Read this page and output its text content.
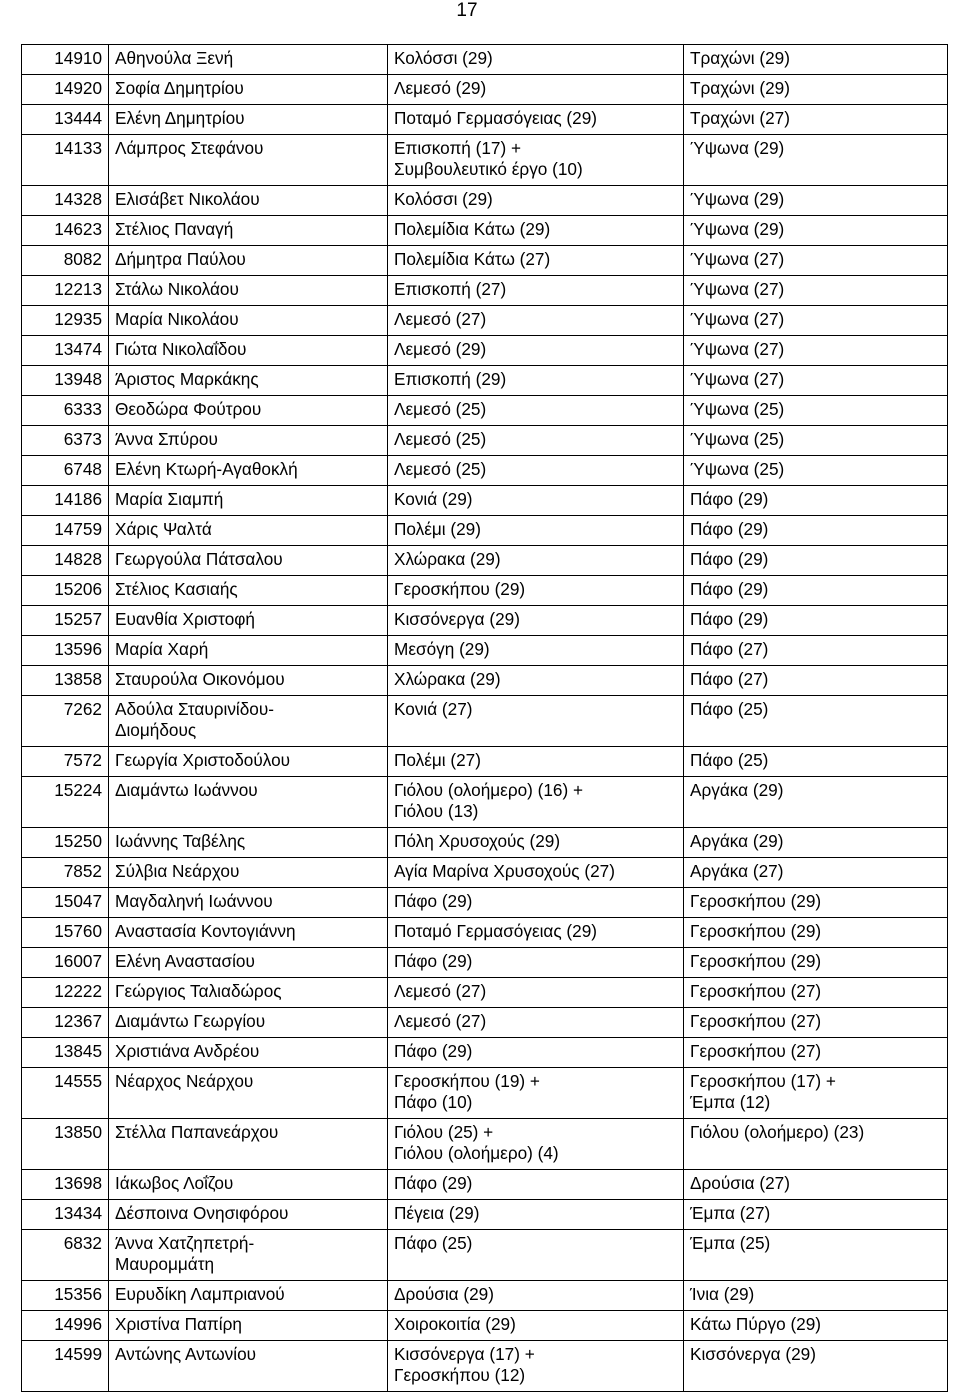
17
14910	Αθηνούλα Ξενή	Κολόσσι (29)	Τραχώνι (29)
14920	Σοφία Δημητρίου	Λεμεσό (29)	Τραχώνι (29)
13444	Ελένη Δημητρίου	Ποταμό Γερμασόγειας (29)	Τραχώνι (27)
14133	Λάμπρος Στεφάνου	Επισκοπή (17) +
Συμβουλευτικό έργο (10)	Ύψωνα (29)
14328	Ελισάβετ Νικολάου	Κολόσσι (29)	Ύψωνα (29)
14623	Στέλιος Παναγή	Πολεμίδια Κάτω (29)	Ύψωνα (29)
8082	Δήμητρα Παύλου	Πολεμίδια Κάτω (27)	Ύψωνα (27)
12213	Στάλω Νικολάου	Επισκοπή (27)	Ύψωνα (27)
12935	Μαρία Νικολάου	Λεμεσό (27)	Ύψωνα (27)
13474	Γιώτα Νικολαΐδου	Λεμεσό (29)	Ύψωνα (27)
13948	Άριστος Μαρκάκης	Επισκοπή (29)	Ύψωνα (27)
6333	Θεοδώρα Φούτρου	Λεμεσό (25)	Ύψωνα (25)
6373	Άννα Σπύρου	Λεμεσό (25)	Ύψωνα (25)
6748	Ελένη Κτωρή-Αγαθοκλή	Λεμεσό (25)	Ύψωνα (25)
14186	Μαρία Σιαμπή	Κονιά (29)	Πάφο (29)
14759	Χάρις Ψαλτά	Πολέμι (29)	Πάφο (29)
14828	Γεωργούλα Πάτσαλου	Χλώρακα (29)	Πάφο (29)
15206	Στέλιος Κασιαής	Γεροσκήπου (29)	Πάφο (29)
15257	Ευανθία Χριστοφή	Κισσόνεργα (29)	Πάφο (29)
13596	Μαρία Χαρή	Μεσόγη (29)	Πάφο (27)
13858	Σταυρούλα Οικονόμου	Χλώρακα (29)	Πάφο (27)
7262	Αδούλα Σταυρινίδου-
Διομήδους	Κονιά (27)	Πάφο (25)
7572	Γεωργία Χριστοδούλου	Πολέμι (27)	Πάφο (25)
15224	Διαμάντω Ιωάννου	Γιόλου (ολοήμερο) (16) +
Γιόλου (13)	Αργάκα (29)
15250	Ιωάννης Ταβέλης	Πόλη Χρυσοχούς (29)	Αργάκα (29)
7852	Σύλβια Νεάρχου	Αγία Μαρίνα Χρυσοχούς (27)	Αργάκα (27)
15047	Μαγδαληνή Ιωάννου	Πάφο (29)	Γεροσκήπου (29)
15760	Αναστασία Κοντογιάννη	Ποταμό Γερμασόγειας (29)	Γεροσκήπου (29)
16007	Ελένη Αναστασίου	Πάφο (29)	Γεροσκήπου (29)
12222	Γεώργιος Ταλιαδώρος	Λεμεσό (27)	Γεροσκήπου (27)
12367	Διαμάντω Γεωργίου	Λεμεσό (27)	Γεροσκήπου (27)
13845	Χριστιάνα Ανδρέου	Πάφο (29)	Γεροσκήπου (27)
14555	Νέαρχος Νεάρχου	Γεροσκήπου (19) +
Πάφο (10)	Γεροσκήπου (17) +
Έμπα (12)
13850	Στέλλα Παπανεάρχου	Γιόλου (25) +
Γιόλου (ολοήμερο) (4)	Γιόλου (ολοήμερο) (23)
13698	Ιάκωβος Λοΐζου	Πάφο (29)	Δρούσια (27)
13434	Δέσποινα Ονησιφόρου	Πέγεια (29)	Έμπα (27)
6832	Άννα Χατζηπετρή-
Μαυρομμάτη	Πάφο (25)	Έμπα (25)
15356	Ευρυδίκη Λαμπριανού	Δρούσια (29)	Ίνια (29)
14996	Χριστίνα Παπίρη	Χοιροκοιτία (29)	Κάτω Πύργο (29)
14599	Αντώνης Αντωνίου	Κισσόνεργα (17) +
Γεροσκήπου (12)	Κισσόνεργα (29)
